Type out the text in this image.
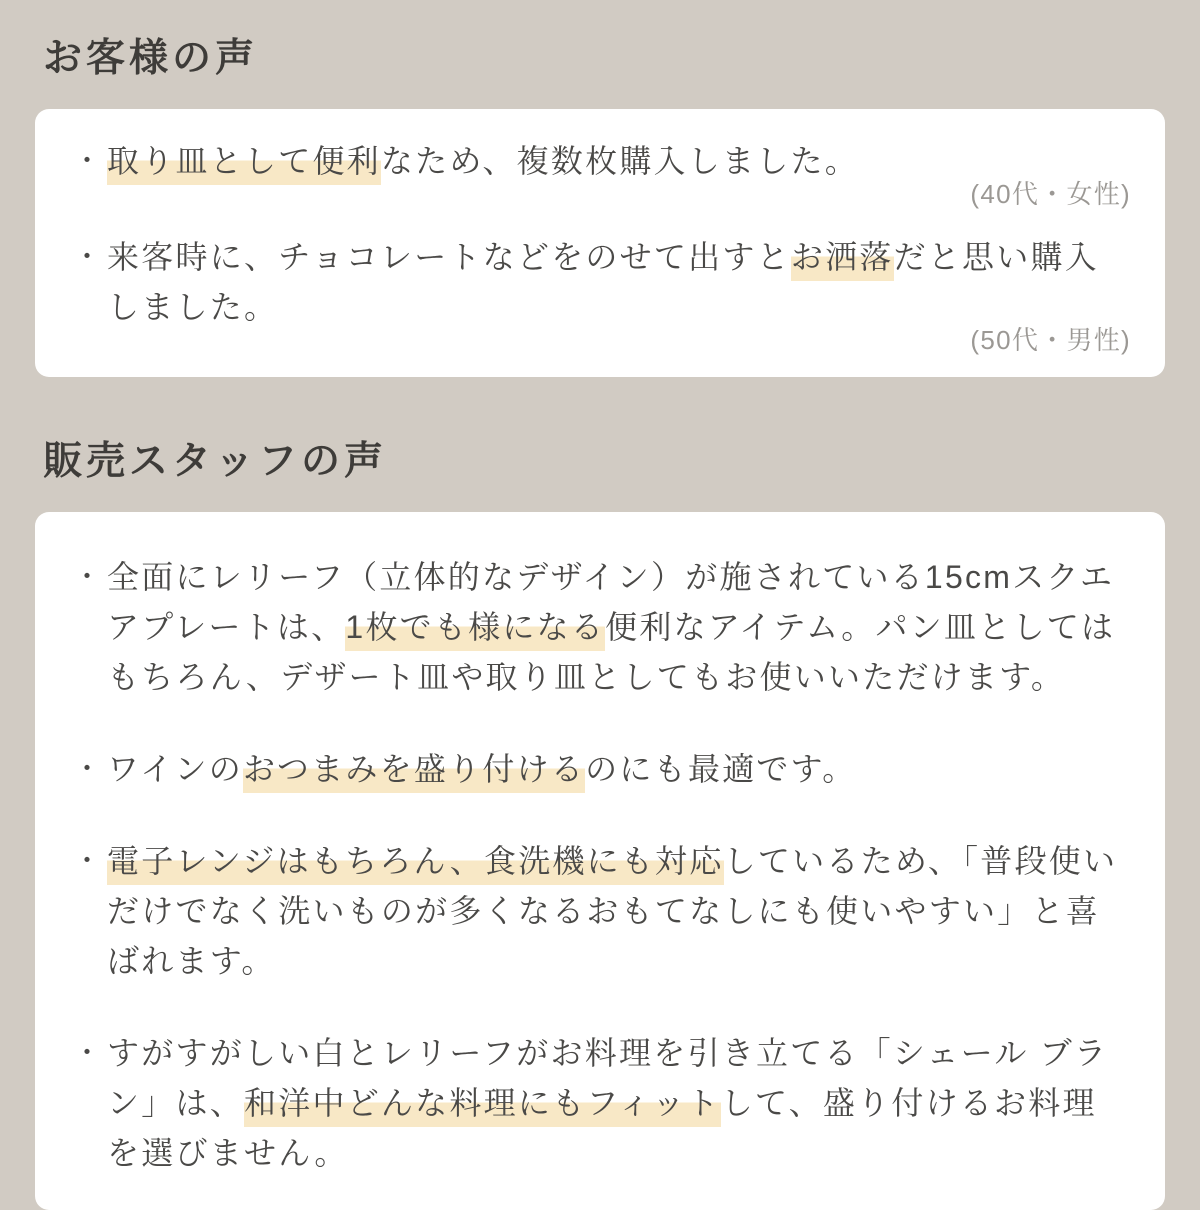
お客様の声
・ 取り皿として便利なため、複数枚購入しました。

(40代・女性)
・ 来客時に、チョコレートなどをのせて出すとお洒落だと思い購入しました。

(50代・男性)
販売スタッフの声
・ 全面にレリーフ（立体的なデザイン）が施されている15cmスクエアプレートは、1枚でも様になる便利なアイテム。パン皿としてはもちろん、デザート皿や取り皿としてもお使いいただけます。

・ ワインのおつまみを盛り付けるのにも最適です。

・ 電子レンジはもちろん、食洗機にも対応しているため、「普段使いだけでなく洗いものが多くなるおもてなしにも使いやすい」と喜ばれます。

・ すがすがしい白とレリーフがお料理を引き立てる「シェール ブラン」は、和洋中どんな料理にもフィットして、盛り付けるお料理を選びません。
